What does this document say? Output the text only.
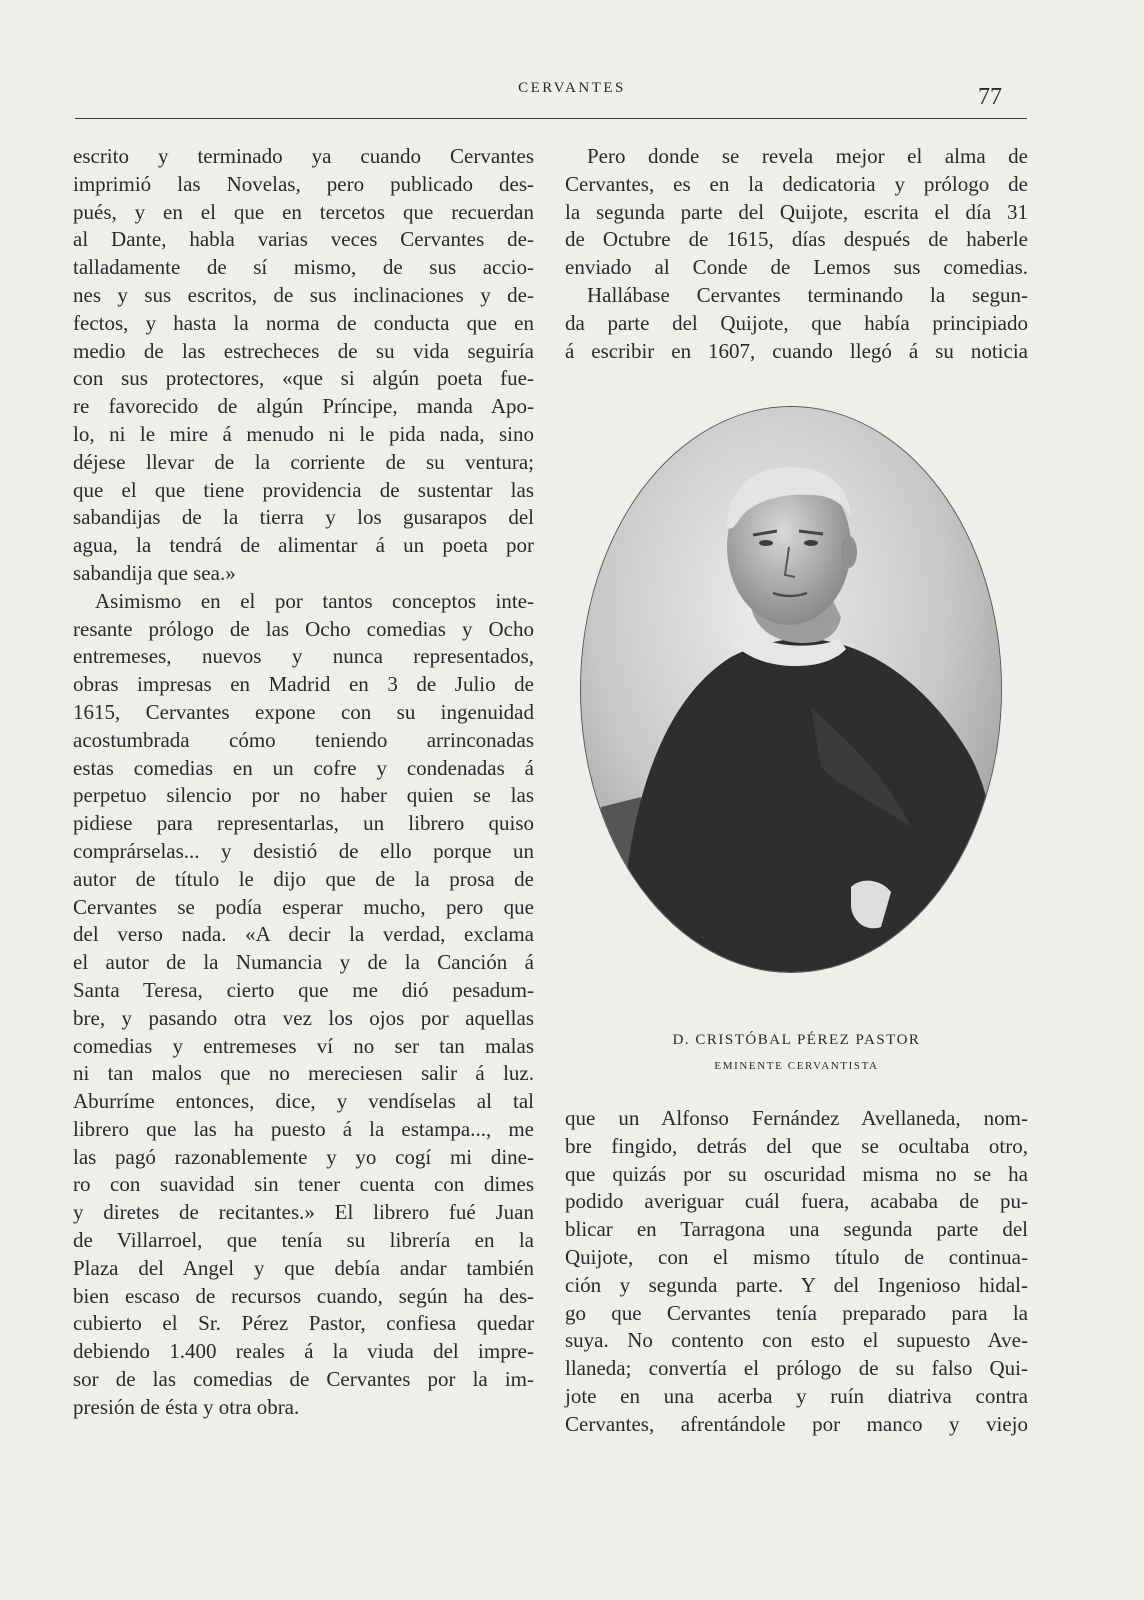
CERVANTES	77

escrito y terminado ya cuando Cervantes

imprimió las Novelas, pero publicado des-

pués, y en el que en tercetos que recuerdan

al Dante, habla varias veces Cervantes de-

talladamente de sí mismo, de sus accio-

nes y sus escritos, de sus inclinaciones y de-

fectos, y hasta la norma de conducta que en

medio de las estrecheces de su vida seguiría

con sus protectores, «que si algún poeta fue-

re favorecido de algún Príncipe, manda Apo-

lo, ni le mire á menudo ni le pida nada, sino

déjese llevar de la corriente de su ventura;

que el que tiene providencia de sustentar las

sabandijas de la tierra y los gusarapos del

agua, la tendrá de alimentar á un poeta por

sabandija que sea.»

Asimismo en el por tantos conceptos inte-

resante prólogo de las Ocho comedias y Ocho

entremeses, nuevos y nunca representados,

obras impresas en Madrid en 3 de Julio de

1615, Cervantes expone con su ingenuidad

acostumbrada cómo teniendo arrinconadas

estas comedias en un cofre y condenadas á

perpetuo silencio por no haber quien se las

pidiese para representarlas, un librero quiso

comprárselas... y desistió de ello porque un

autor de título le dijo que de la prosa de

Cervantes se podía esperar mucho, pero que

del verso nada. «A decir la verdad, exclama

el autor de la Numancia y de la Canción á

Santa Teresa, cierto que me dió pesadum-

bre, y pasando otra vez los ojos por aquellas

comedias y entremeses ví no ser tan malas

ni tan malos que no mereciesen salir á luz.

Aburríme entonces, dice, y vendíselas al tal

librero que las ha puesto á la estampa..., me

las pagó razonablemente y yo cogí mi dine-

ro con suavidad sin tener cuenta con dimes

y diretes de recitantes.» El librero fué Juan

de Villarroel, que tenía su librería en la

Plaza del Angel y que debía andar también

bien escaso de recursos cuando, según ha des-

cubierto el Sr. Pérez Pastor, confiesa quedar

debiendo 1.400 reales á la viuda del impre-

sor de las comedias de Cervantes por la im-

presión de ésta y otra obra.

Pero donde se revela mejor el alma de

Cervantes, es en la dedicatoria y prólogo de

la segunda parte del Quijote, escrita el día 31

de Octubre de 1615, días después de haberle

enviado al Conde de Lemos sus comedias.

Hallábase Cervantes terminando la segun-

da parte del Quijote, que había principiado

á escribir en 1607, cuando llegó á su noticia

D. CRISTÓBAL PÉREZ PASTOR
EMINENTE CERVANTISTA

que un Alfonso Fernández Avellaneda, nom-

bre fingido, detrás del que se ocultaba otro,

que quizás por su oscuridad misma no se ha

podido averiguar cuál fuera, acababa de pu-

blicar en Tarragona una segunda parte del

Quijote, con el mismo título de continua-

ción y segunda parte. Y del Ingenioso hidal-

go que Cervantes tenía preparado para la

suya. No contento con esto el supuesto Ave-

llaneda; convertía el prólogo de su falso Qui-

jote en una acerba y ruín diatriva contra

Cervantes, afrentándole por manco y viejo
